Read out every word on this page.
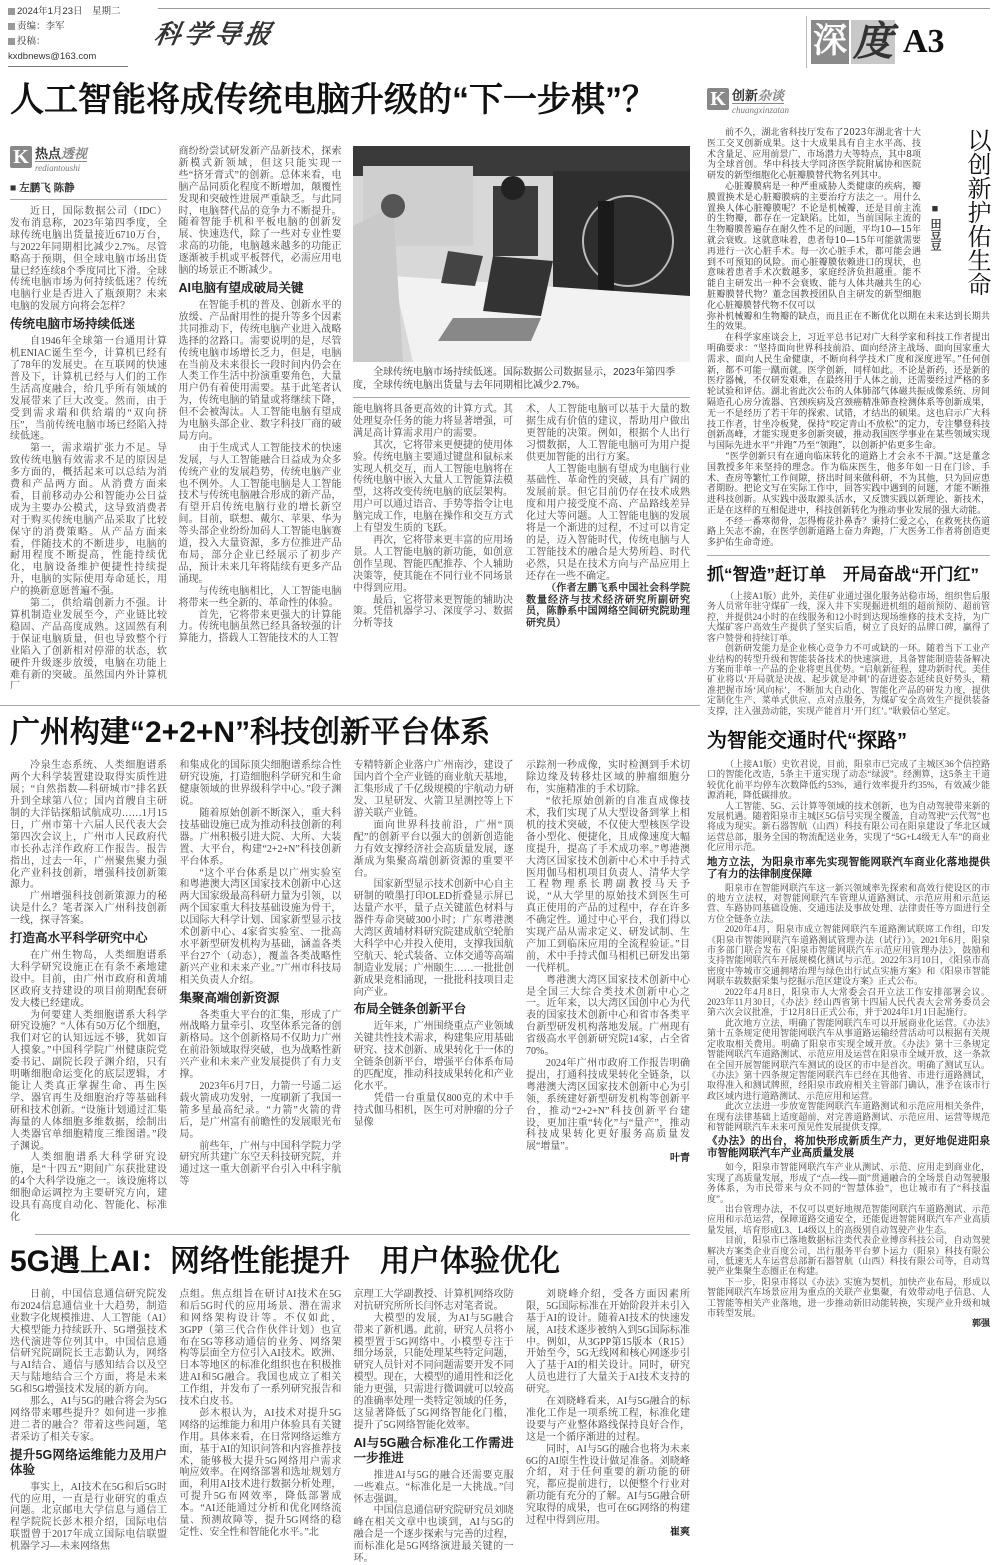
2024年1月23日　星期二
责编：李军
投稿：kxdbnews@163.com
科学导报	深 度 A3
人工智能将成传统电脑升级的“下一步棋”？
K 热点透视
rediantoushi
■ 左鹏飞 陈静

近日，国际数据公司（IDC）发布消息称，2023年第四季度，全球传统电脑出货量接近6710万台，与2022年同期相比减少2.7%。尽管略高于预期，但全球电脑市场出货量已经连续8个季度同比下滑。全球传统电脑市场为何持续低迷？传统电脑行业是否进入了瓶颈期？未来电脑的发展方向将会怎样？

传统电脑市场持续低迷

自1946年全球第一台通用计算机ENIAC诞生至今，计算机已经有了78年的发展史。在互联网的快速普及下，计算机已经与人们的工作生活高度融合，给几乎所有领域的发展带来了巨大改变。然而，由于受到需求端和供给端的“双向挤压”，当前传统电脑市场已经陷入持续低迷。

第一，需求端扩张力不足。导致传统电脑有效需求不足的原因是多方面的，概括起来可以总结为消费和产品两方面。从消费方面来看，目前移动办公和智能办公日益成为主要办公模式，这导致消费者对于购买传统电脑产品采取了比较保守的消费策略。从产品方面来看，伴随技术的不断进步，电脑的耐用程度不断提高，性能持续优化，电脑设备维护便捷性持续提升，电脑的实际使用寿命延长，用户的换新意愿普遍不强。

第二，供给端创新力不强。计算机制造业发展至今，产业链比较稳固、产品高度成熟。这固然有利于保证电脑质量，但也导致整个行业陷入了创新相对停滞的状态，软硬件升级逐步放缓，电脑在功能上难有新的突破。虽然国内外计算机厂

商纷纷尝试研发新产品新技术，探索新模式新领域，但这只能实现一些“挤牙膏式”的创新。总体来看，电脑产品同质化程度不断增加，颠覆性发现和突破性进展严重缺乏。与此同时，电脑替代品的竞争力不断提升。随着智能手机和平板电脑的创新发展、快速迭代，除了一些对专业性要求高的功能，电脑越来越多的功能正逐渐被手机或平板替代，必需应用电脑的场景正不断减少。

AI电脑有望成破局关键

在智能手机的普及、创新水平的放缓、产品耐用性的提升等多个因素共同推动下，传统电脑产业进入战略选择的岔路口。需要说明的是，尽管传统电脑市场增长乏力，但是，电脑在当前及未来很长一段时间内仍会在人类工作生活中扮演重要角色，大量用户仍有着使用需要。基于此笔者认为，传统电脑的销量或将继续下降，但不会被淘汰。人工智能电脑有望成为电脑头部企业、数字科技厂商的破局方向。

由于生成式人工智能技术的快速发展，与人工智能融合日益成为众多传统产业的发展趋势，传统电脑产业也不例外。人工智能电脑是人工智能技术与传统电脑融合形成的新产品，有望开启传统电脑行业的增长新空间。目前，联想、戴尔、苹果、华为等头部企业纷纷加码人工智能电脑赛道，投入大量资源，多方位推进产品布局，部分企业已经展示了初步产品，预计未来几年将陆续有更多产品涌现。

与传统电脑相比，人工智能电脑将带来一些全新的、革命性的体验。

首先，它将带来更强大的计算能力。传统电脑虽然已经具备较强的计算能力，搭载人工智能技术的人工智

全球传统电脑市场持续低迷。国际数据公司数据显示，2023年第四季度，全球传统电脑出货量与去年同期相比减少2.7%。

能电脑将具备更高效的计算方式。其处理复杂任务的能力将显著增强，可满足高计算需求用户的需要。

其次，它将带来更便捷的使用体验。传统电脑主要通过键盘和鼠标来实现人机交互，而人工智能电脑将在传统电脑中嵌入大量人工智能算法模型，这将改变传统电脑的底层架构。用户可以通过语音、手势等指令让电脑完成工作，电脑在操作和交互方式上有望发生质的飞跃。

再次，它将带来更丰富的应用场景。人工智能电脑的新功能，如创意创作呈现、智能匹配推荐、个人辅助决策等，使其能在不同行业不同场景中得到应用。

最后，它将带来更智能的辅助决策。凭借机器学习、深度学习、数据分析等技

术，人工智能电脑可以基于大量的数据生成有价值的建议，帮助用户做出更智能的决策。例如，根据个人出行习惯数据，人工智能电脑可为用户提供更加智能的出行方案。

人工智能电脑有望成为电脑行业基础性、革命性的突破，具有广阔的发展前景。但它目前仍存在技术成熟度和用户接受度不高、产品路线差异化过大等问题。人工智能电脑的发展将是一个渐进的过程，不过可以肯定的是，迈入智能时代，传统电脑与人工智能技术的融合是大势所趋、时代必然，只是在技术方向与产品应用上还存在一些不确定。

（作者左鹏飞系中国社会科学院数量经济与技术经济研究所副研究员，陈静系中国网络空间研究院助理研究员）

广州构建“2+2+N”科技创新平台体系

冷泉生态系统、人类细胞谱系两个大科学装置建设取得实质性进展；“自然指数—科研城市”排名跃升到全球第八位；国内首艘自主研制的大洋钻探船试航成功……1月15日，广州市第十六届人民代表大会第四次会议上，广州市人民政府代市长孙志洋作政府工作报告。报告指出，过去一年，广州聚焦聚力强化产业科技创新，增强科技创新策源力。

广州增强科技创新策源力的秘诀是什么？笔者深入广州科技创新一线，探寻答案。

打造高水平科学研究中心

在广州生物岛，人类细胞谱系大科学研究设施正在有条不紊地建设中。目前，由广州市政府和黄埔区政府支持建设的项目前期配套研发大楼已经建成。

为何要建人类细胞谱系大科学研究设施？“人体有50万亿个细胞，我们对它的认知远远不够，犹如盲人摸象。”中国科学院广州健康院党委书记、副院长段子渊介绍，只有明晰细胞命运变化的底层逻辑，才能让人类真正掌握生命、再生医学、器官再生及细胞治疗等基础科研和技术创新。“设施计划通过汇集海量的人体细胞多维数据，绘制出人类器官单细胞精度三维图谱。”段子渊说。

人类细胞谱系大科学研究设施，是“十四五”期间广东获批建设的4个大科学设施之一。该设施将以细胞命运调控为主要研究方向，建设具有高度自动化、智能化、标准化

和集成化的国际顶尖细胞谱系综合性研究设施，打造细胞科学研究和生命健康领域的世界级科学中心。”段子渊说。

随着原始创新不断深入，重大科技基础设施已成为推动科技创新的利器。广州积极引进大院、大所、大装置、大平台，构建“2+2+N”科技创新平台体系。

“这个平台体系是以广州实验室和粤港澳大湾区国家技术创新中心这两大国家级最高科研力量为引领，以两个国家重大科技基础设施为骨干，以国际大科学计划、国家新型显示技术创新中心、4家省实验室、一批高水平新型研发机构为基础，涵盖各类平台27个（动态），覆盖各类战略性新兴产业和未来产业。”广州市科技局相关负责人介绍。

集聚高端创新资源

各类重大平台的汇集，形成了广州战略力量牵引、攻坚体系完备的创新格局。这个创新格局不仅助力广州在前沿领域取得突破，也为战略性新兴产业和未来产业发展提供了有力支撑。

2023年6月7日，力箭一号遥二运载火箭成功发射，一度刷新了我国一箭多星最高纪录。“力箭”火箭的背后，是广州富有前瞻性的发展眼光布局。

前些年，广州与中国科学院力学研究所共建广东空天科技研究院，并通过这一重大创新平台引入中科宇航等

专精特新企业落户广州南沙，建设了国内首个全产业链的商业航天基地，汇集形成了千亿级规模的宇航动力研发、卫星研发、火箭卫星测控等上下游关联产业链。

面向世界科技前沿，广州“顶配”的创新平台以强大的创新创造能力有效支撑经济社会高质量发展，逐渐成为集聚高端创新资源的重要平台。

国家新型显示技术创新中心自主研制的喷墨打印OLED折叠显示屏已达量产水平，量子点关键蓝色材料与器件寿命突破300小时；广东粤港澳大湾区黄埔材料研究院建成航空轮胎大科学中心并投入使用，支撑我国航空航天、轮式装备、立体交通等高端制造业发展；广州颐生……一批批创新成果竞相涌现，一批批科技项目走向产业。

布局全链条创新平台

近年来，广州围绕重点产业领域关键共性技术需求，构建集应用基础研究、技术创新、成果转化于一体的全链条创新平台，增强平台体系布局的匹配度，推动科技成果转化和产业化水平。

凭借一台重量仅800克的术中手持式伽马相机，医生可对肿瘤的分子显像

示踪剂一秒成像，实时检测到手术切除边缘及转移灶区域的肿瘤细胞分布，实施精准的手术切除。

“依托原始创新的自准直成像技术，我们实现了从大型设备到掌上相机的技术突破，不仅使大型核医学设备小型化、便捷化，且成像速度大幅度提升，提高了手术成功率。”粤港澳大湾区国家技术创新中心术中手持式医用伽马相机项目负责人、清华大学工程物理系长聘副教授马天予说，“从大学里的原始技术到医生可真正使用的产品的过程中，存在许多不确定性。通过中心平台，我们得以实现产品从需求定义、研发试制、生产加工到临床应用的全流程验证。”目前，术中手持式伽马相机已研发出第一代样机。

粤港澳大湾区国家技术创新中心是全国三大综合类技术创新中心之一。近年来，以大湾区国创中心为代表的国家技术创新中心和省市各类平台新型研发机构落地发展。广州现有省级高水平创新研究院14家，占全省70%。

2024年广州市政府工作报告明确提出，打通科技成果转化全链条，以粤港澳大湾区国家技术创新中心为引领，系统建好新型研发机构等创新平台，推动“2+2+N”科技创新平台建设，更加注重“转化”与“量产”，推动科技成果转化更好服务高质量发展“增量”。

叶青

5G遇上AI：网络性能提升　用户体验优化

日前，中国信息通信研究院发布2024信息通信业十大趋势，制造业数字化规模推进、人工智能（AI）大模型能力持续跃升、5G增强技术迭代演进等位列其中。中国信息通信研究院副院长王志勤认为，网络与AI结合、通信与感知结合以及空天与陆地结合三个方面，将是未来5G和5G增强技术发展的新方向。

那么，AI与5G的融合将会为5G网络带来哪些提升？如何进一步推进二者的融合？带着这些问题，笔者采访了相关专家。

提升5G网络运维能力及用户体验

事实上，AI技术在5G和后5G时代的应用，一直是行业研究的重点问题。北京邮电大学信息与通信工程学院院长彭木根介绍，国际电信联盟曾于2017年成立国际电信联盟机器学习—未来网络焦

点组。焦点组旨在研讨AI技术在5G和后5G时代的应用场景、潜在需求和网络架构设计等。不仅如此，3GPP（第三代合作伙伴计划）也宣布在5G等移动通信的业务、网络架构等层面全方位引入AI技术。欧洲、日本等地区的标准化组织也在积极推进AI和5G融合。我国也成立了相关工作组，并发布了一系列研究报告和技术白皮书。

彭木根认为，AI技术对提升5G网络的运维能力和用户体验具有关键作用。具体来看，在日常网络运维方面，基于AI的知识问答和内容推荐技术，能够极大提升5G网络用户需求响应效率。在网络部署和选址规划方面，利用AI技术进行数据分析处理，可提升5G布网效率，降低部署成本。“AI还能通过分析和优化网络流量、预测故障等，提升5G网络的稳定性、安全性和智能化水平。”北

京理工大学副教授、计算机网络攻防对抗研究所所长闫怀志对笔者说。

大模型的发展，为AI与5G融合带来了新机遇。此前，研究人员将小模型置于5G网络中。小模型专注于细分场景，只能处理某些特定问题，研究人员针对不同问题需要开发不同模型。现在，大模型的通用性和泛化能力更强，只需进行微调就可以较高的准确率处理一类特定领域的任务，这显著降低了5G网络智能化门槛，提升了5G网络智能化效率。

AI与5G融合标准化工作需进一步推进

推进AI与5G的融合还需要克服一些难点。“标准化是一大挑战。”闫怀志强调。

中国信息通信研究院研究员刘晓峰在相关文章中也谈到，AI与5G的融合是一个逐步探索与完善的过程，而标准化是5G网络演进最关键的一环。

刘晓峰介绍，受各方面因素所限，5G国际标准在开始阶段并未引入基于AI的设计。随着AI技术的快速发展，AI技术逐步被纳入到5G国际标准中。例如，从3GPP第15版本（R15）开始至今，5G无线网和核心网逐步引入了基于AI的相关设计。同时，研究人员也进行了大量关于AI技术支持的研究。

在刘晓峰看来，AI与5G融合的标准化工作是一项系统工程，标准化建设要与产业整体路线保持良好合作，这是一个循序渐进的过程。

同时，AI与5G的融合也将为未来6G的AI原生性设计做足准备。刘晓峰介绍，对于任何重要的新功能的研究，都应提前进行，以便整个行业对新功能有充分的了解。AI与5G融合研究取得的成果，也可在6G网络的构建过程中得到应用。

崔爽

K 创新杂谈
chuangxinzatan

前不久，湖北省科技厅发布了2023年湖北省十大医工交叉创新成果。这十大成果具有自主水平高、技术含量足、应用前景广、市场潜力大等特点，其中8项为全球首创。华中科技大学同济医学院附属协和医院研发的新型细胞化心脏瓣膜替代物名列其中。

心脏瓣膜病是一种严重威胁人类健康的疾病，瓣膜置换术是心脏瓣膜病的主要治疗方法之一。用什么置换人体心脏瓣膜呢？不论是机械瓣，还是目前主流的生物瓣，都存在一定缺陷。比如，当前国际主流的生物瓣膜普遍存在耐久性不足的问题，平均10—15年就会衰败。这就意味着，患者每10—15年可能就需要再进行一次心脏手术。每一次心脏手术，都可能会遇到不可预知的风险。而心脏瓣膜依赖进口的现状，也意味着患者手术次数越多，家庭经济负担越重。能不能自主研发出一种不会衰败、能与人体共融共生的心脏瓣膜替代物？董念国教授团队自主研发的新型细胞化心脏瓣膜替代物不仅可以

■ 田豆豆 以创新护佑生命

弥补机械瓣和生物瓣的缺点，而且正在不断优化以期在未来达到长期共生的效果。

在科学家座谈会上，习近平总书记对广大科学家和科技工作者提出明确要求：“坚持面向世界科技前沿、面向经济主战场、面向国家重大需求、面向人民生命健康，不断向科学技术广度和深度进军。”任何创新，都不可能一蹴而就。医学创新，同样如此。不论是新药，还是新的医疗器械，不仅研发艰难，在最终用于人体之前，还需要经过严格的多轮试验和评估。湖北省此次公布的人体肺部气体磁共振成像系统、房间隔造孔心房分流器、宫颈疾病及宫颈癌精准筛查检测体系等创新成果，无一不是经历了若干年的探索、试错，才结出的硕果。这也启示广大科技工作者，甘坐冷板凳，保持“咬定青山不放松”的定力，专注攀登科技创新高峰，才能实现更多创新突破，推动我国医学事业在某些领域实现与国际先进水平“并跑”乃至“领跑”，以创新护佑更多生命。

“医学创新只有在通向临床转化的道路上才会永不干涸。”这是董念国教授多年来坚持的理念。作为临床医生，他多年如一日在门诊、手术、查房等繁忙工作间隙，挤出时间来做科研，不为其他，只为回应患者期盼。把论文写在实际工作中，回答实践中遇到的问题，才能不断推进科技创新。从实践中汲取源头活水，又反馈实践以新理论、新技术，正是在这样的互相促进中，科技创新转化为推动事业发展的强大动能。

不经一番寒彻骨，怎得梅花扑鼻香？秉持仁爱之心，在救死扶伤道路上矢志不渝，在医学创新道路上奋力奔跑，广大医务工作者将创造更多护佑生命奇迹。

抓“智造”赶订单　开局奋战“开门红”

（上接A1版）此外，美佳矿业通过强化服务站稳市场，组织售后服务人员常年驻守煤矿一线，深入井下实现掘进机组的超前预防、超前管控，并提供24小时的在线服务和12小时到达现场维修的技术支持，为广大煤矿客户高效生产提供了坚实后盾，树立了良好的品牌口碑，赢得了客户赞誉和持续订单。

创新研发能力是企业核心竞争力不可或缺的一环。随着当下工业产业结构的转型升级和智能装备技术的快速演进，具备智能制造装备解决方案而非单一产品的企业将更具优势。“启航新征程，建功新时代。美佳矿业将以‘开局就是决战、起步就是冲刺’的奋进姿态延续良好势头，精准把握市场‘风向标’，不断加大自动化、智能化产品的研发力度，提供定制化生产、菜单式供应、点对点服务，为煤矿安全高效生产提供装备支撑，注入强劲动能，实现产能首月‘开门红’。”耿毅信心坚定。

为智能交通时代“探路”

（上接A1版）史钦君说，目前，阳泉市已完成了主城区36个信控路口的智能化改造，5条主干道实现了动态“绿波”。经测算，这5条主干道较优化前平均停车次数降低约53%，通行效率提升约35%，有效减少能源消耗，降低碳排放。

人工智能、5G、云计算等领域的技术创新，也为自动驾驶带来新的发展机遇。随着阳泉市主城区5G信号实现全覆盖，自动驾驶“云代驾”也将成为现实。新石器智航（山西）科技有限公司在阳泉建设了华北区域运营总部，服务全国的物流配送业务，实现了“5G+L4级无人车”的商业化应用示范。

地方立法，为阳泉市率先实现智能网联汽车商业化落地提供了有力的法律制度保障

阳泉市在智能网联汽车这一新兴领域率先探索和高效行使设区的市的地方立法权，对智能网联汽车管理从道路测试、示范应用和示范运营、车路协同基础设施、交通违法及事故处理、法律责任等方面进行全方位全链条立法。

2020年4月，阳泉市成立智能网联汽车道路测试联席工作组，印发《阳泉市智能网联汽车道路测试管理办法（试行）》。2021年6月，阳泉市多部门联合发布《阳泉市智能网联汽车示范应用管理办法》，鼓励和支持智能网联汽车开展规模化测试与示范。2022年3月10日，《阳泉市高密度中等城市交通拥堵治理与绿色出行试点实施方案》和《阳泉市智能网联车载数据采集与挖掘示范区建设方案》正式公布。

2022年4月8日，阳泉市人大常委会召开立法工作安排部署会议。2023年11月30日，《办法》经山西省第十四届人民代表大会常务委员会第六次会议批准，于12月8日正式公布，并于2024年1月1日起施行。

此次地方立法，明确了智能网联汽车可以开展商业化运营。《办法》第十五条规定使用智能网联汽车从事道路运输经营活动可以根据有关规定收取相关费用。明确了阳泉市实现全域开放。《办法》第十三条规定智能网联汽车道路测试、示范应用及运营在阳泉市全域开放，这一条款在全国开展智能网联汽车测试的设区的市中是首次。明确了测试互认。《办法》第十四条规定智能网联汽车已经在其他省、市进行道路测试，取得准入和测试牌照，经阳泉市政府相关主管部门确认，准予在该市行政区域内进行道路测试、示范应用和运营。

此次立法进一步放宽智能网联汽车道路测试和示范应用相关条件，在现有法律基础上适度超前，对完善道路测试、示范应用、运营等规范和智能网联汽车未来可预见性发展提供支撑。

《办法》的出台，将加快形成新质生产力，更好地促进阳泉市智能网联汽车产业高质量发展

如今，阳泉市智能网联汽车产业从测试、示范、应用走到商业化，实现了高质量发展，形成了“点—线—面”贯通融合的全场景自动驾驶服务体系，为市民带来与众不同的“智慧体验”，也让城市有了“科技温度”。

出台管理办法，不仅可以更好地规范智能网联汽车道路测试、示范应用和示范运营，保障道路交通安全，还能促进智能网联汽车产业高质量发展，培育形成L3、L4级以上的高级别自动驾驶产业生态。

目前，阳泉市已落地数据标注类代表企业博彦科技公司，自动驾驶解决方案类企业百度公司，出行服务平台萝卜运力（阳泉）科技有限公司，低速无人车运营总部新石器智航（山西）科技有限公司等，自动驾驶产业集聚生态圈正在构建。

下一步，阳泉市将以《办法》实施为契机，加快产业布局，形成以智能网联汽车场景应用为重点的关联产业集聚，有效带动电子信息、人工智能等相关产业落地，进一步推动新旧动能转换，实现产业升级和城市转型发展。

郭强
